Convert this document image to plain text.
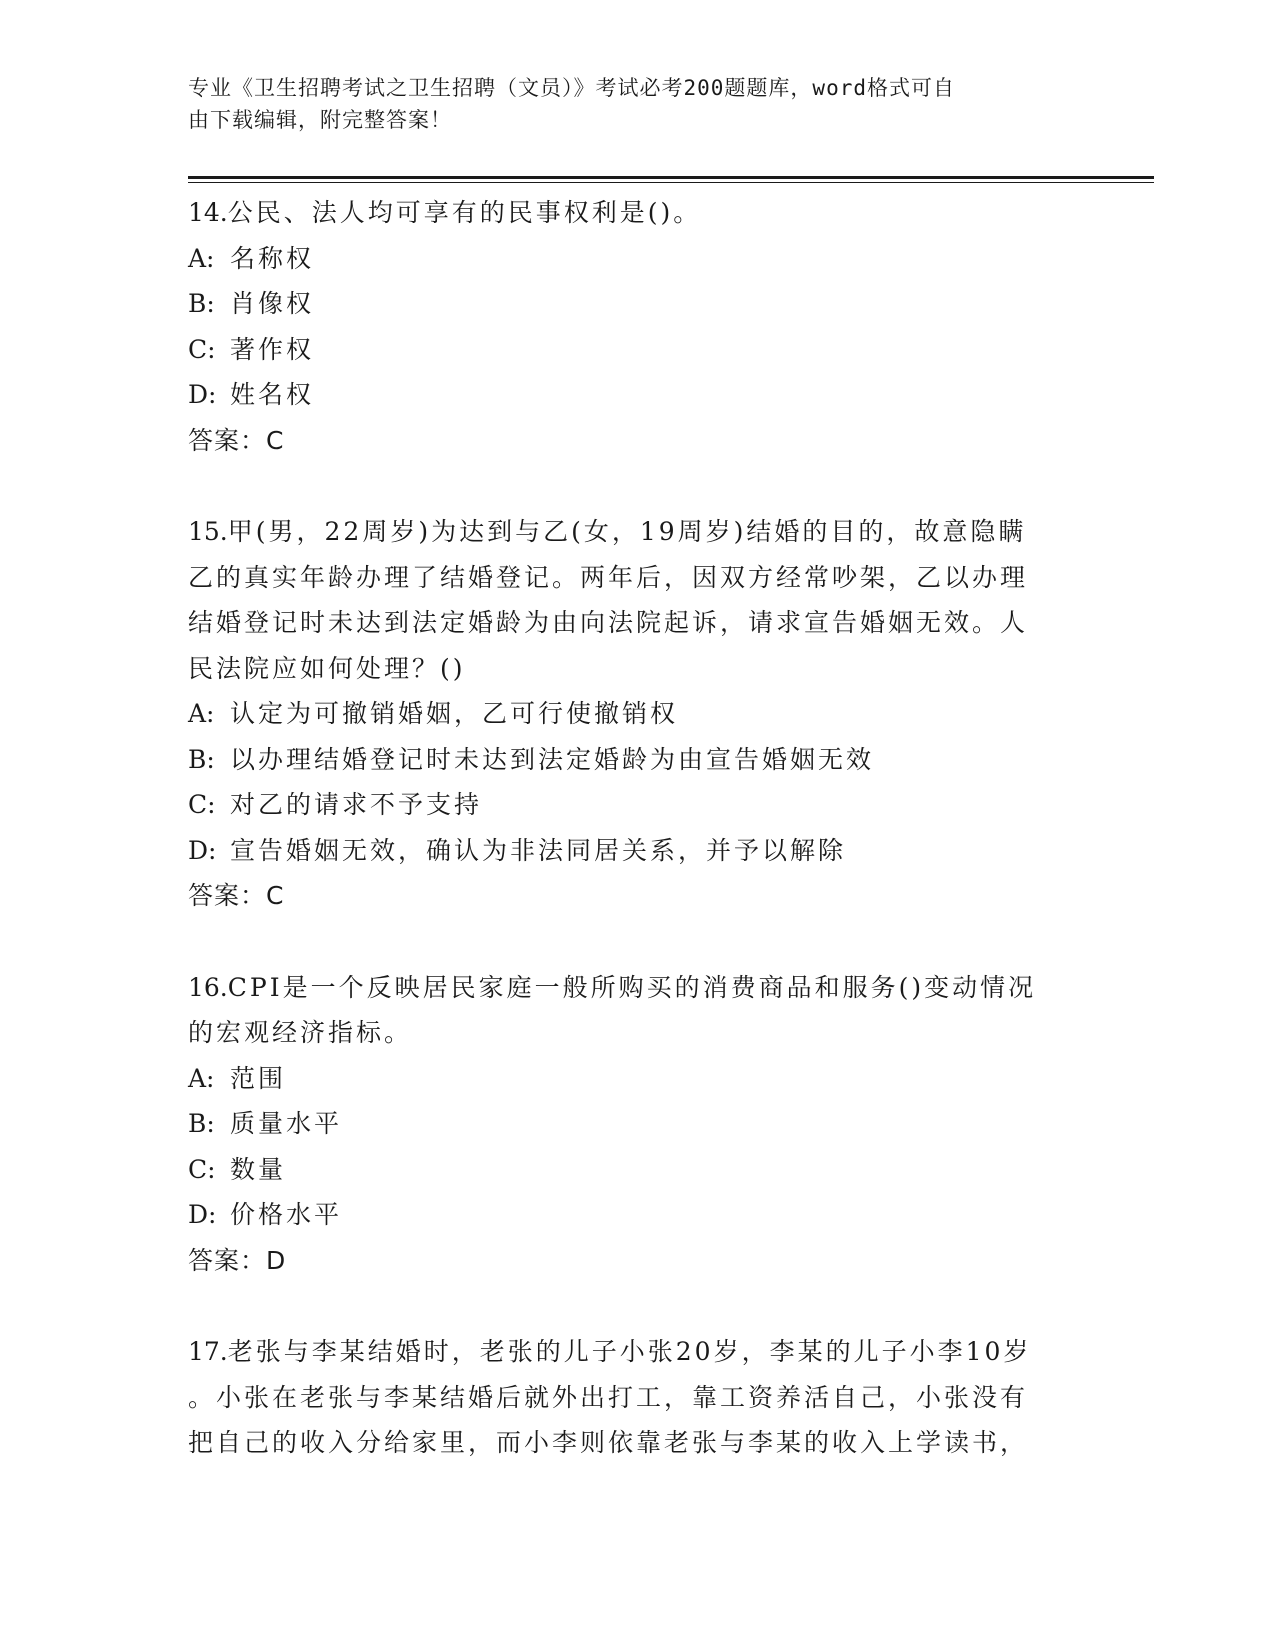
专业《卫生招聘考试之卫生招聘（文员）》考试必考200题题库，word格式可自
由下载编辑，附完整答案！

14.公民、法人均可享有的民事权利是()。

A: 名称权

B: 肖像权

C: 著作权

D: 姓名权

答案：C

15.甲(男，22周岁)为达到与乙(女，19周岁)结婚的目的，故意隐瞒

乙的真实年龄办理了结婚登记。两年后，因双方经常吵架，乙以办理

结婚登记时未达到法定婚龄为由向法院起诉，请求宣告婚姻无效。人

民法院应如何处理？()

A: 认定为可撤销婚姻，乙可行使撤销权

B: 以办理结婚登记时未达到法定婚龄为由宣告婚姻无效

C: 对乙的请求不予支持

D: 宣告婚姻无效，确认为非法同居关系，并予以解除

答案：C

16.CPI是一个反映居民家庭一般所购买的消费商品和服务()变动情况

的宏观经济指标。

A: 范围

B: 质量水平

C: 数量

D: 价格水平

答案：D

17.老张与李某结婚时，老张的儿子小张20岁，李某的儿子小李10岁

。小张在老张与李某结婚后就外出打工，靠工资养活自己，小张没有

把自己的收入分给家里，而小李则依靠老张与李某的收入上学读书，
